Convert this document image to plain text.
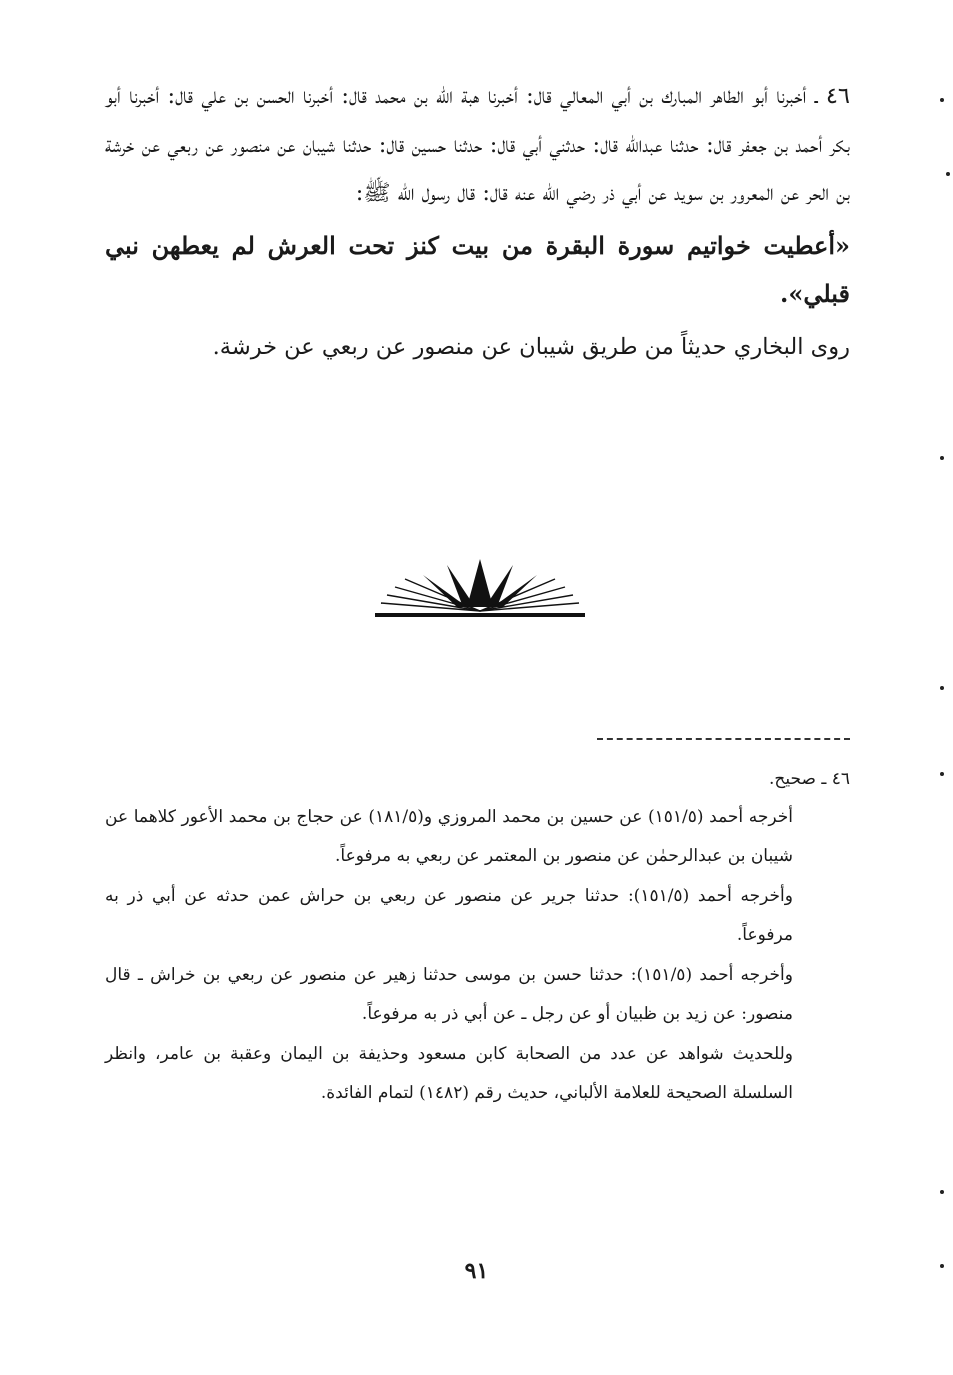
٤٦ ـ أخبرنا أبو الطاهر المبارك بن أبي المعالي قال: أخبرنا هبة الله بن محمد قال: أخبرنا الحسن بن علي قال: أخبرنا أبو بكر أحمد بن جعفر قال: حدثنا عبدالله قال: حدثني أبي قال: حدثنا حسين قال: حدثنا شيبان عن منصور عن ربعي عن خرشة بن الحر عن المعرور بن سويد عن أبي ذر رضي الله عنه قال: قال رسول الله ﷺ:

«أعطيت خواتيم سورة البقرة من بيت كنز تحت العرش لم يعطهن نبي قبلي».

روى البخاري حديثاً من طريق شيبان عن منصور عن ربعي عن خرشة.

٤٦ ـ صحيح.

أخرجه أحمد (١٥١/٥) عن حسين بن محمد المروزي و(١٨١/٥) عن حجاج بن محمد الأعور كلاهما عن شيبان بن عبدالرحمٰن عن منصور بن المعتمر عن ربعي به مرفوعاً.

وأخرجه أحمد (١٥١/٥): حدثنا جرير عن منصور عن ربعي بن حراش عمن حدثه عن أبي ذر به مرفوعاً.

وأخرجه أحمد (١٥١/٥): حدثنا حسن بن موسى حدثنا زهير عن منصور عن ربعي بن خراش ـ قال منصور: عن زيد بن ظبيان أو عن رجل ـ عن أبي ذر به مرفوعاً.

وللحديث شواهد عن عدد من الصحابة كابن مسعود وحذيفة بن اليمان وعقبة بن عامر، وانظر السلسلة الصحيحة للعلامة الألباني، حديث رقم (١٤٨٢) لتمام الفائدة.

٩١
